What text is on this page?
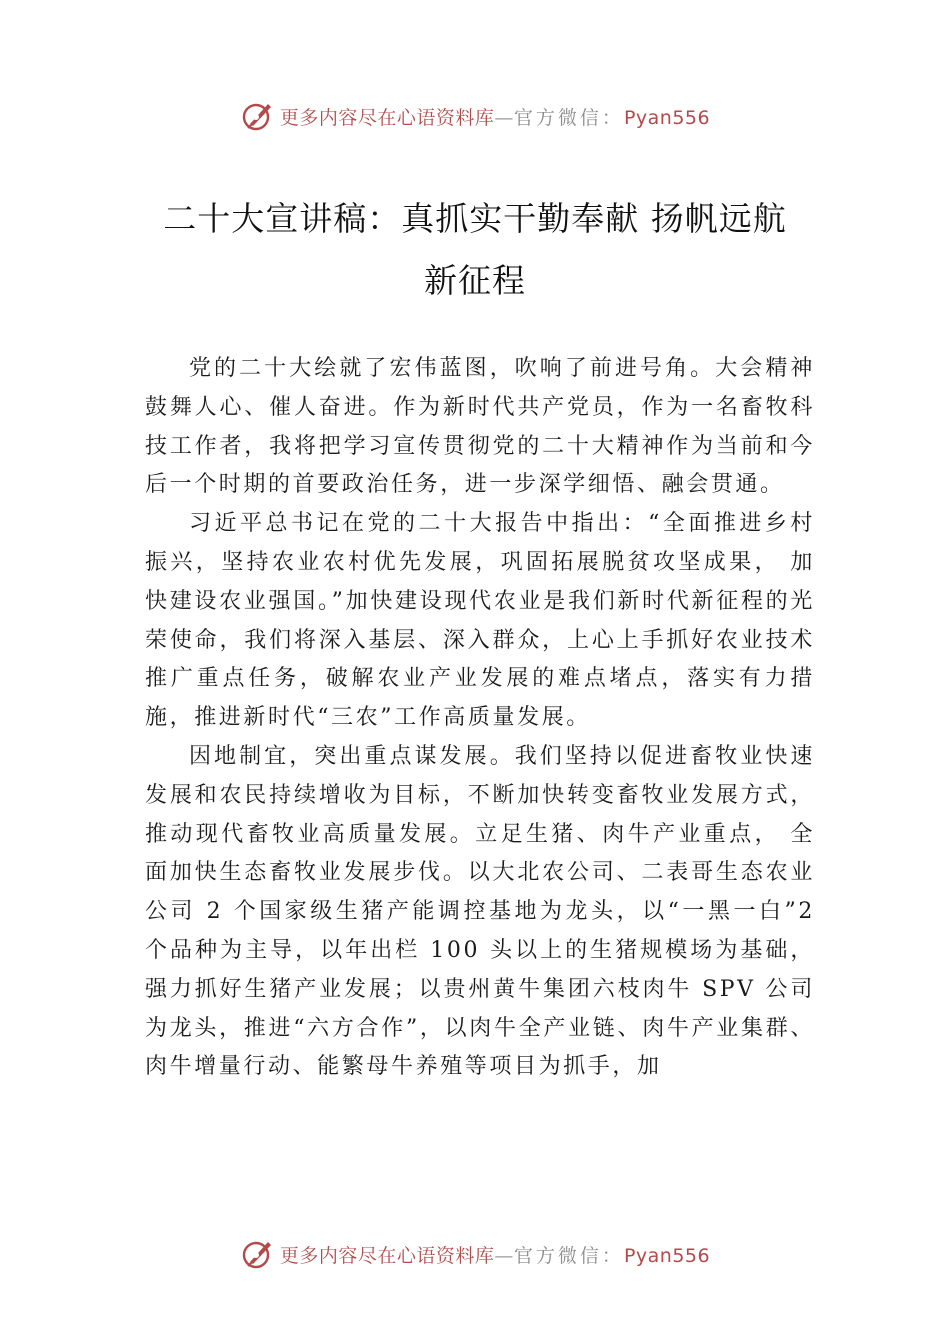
更多内容尽在心语资料库—官方微信：Pyan556
二十大宣讲稿：真抓实干勤奉献 扬帆远航
新征程

党的二十大绘就了宏伟蓝图，吹响了前进号角。大会精神鼓舞人心、催人奋进。作为新时代共产党员，作为一名畜牧科技工作者，我将把学习宣传贯彻党的二十大精神作为当前和今后一个时期的首要政治任务，进一步深学细悟、融会贯通。

习近平总书记在党的二十大报告中指出：“全面推进乡村振兴，坚持农业农村优先发展，巩固拓展脱贫攻坚成果， 加快建设农业强国。”加快建设现代农业是我们新时代新征程的光荣使命，我们将深入基层、深入群众，上心上手抓好农业技术推广重点任务，破解农业产业发展的难点堵点，落实有力措施，推进新时代“三农”工作高质量发展。

因地制宜，突出重点谋发展。我们坚持以促进畜牧业快速发展和农民持续增收为目标，不断加快转变畜牧业发展方式，推动现代畜牧业高质量发展。立足生猪、肉牛产业重点， 全面加快生态畜牧业发展步伐。以大北农公司、二表哥生态农业公司 2 个国家级生猪产能调控基地为龙头，以“一黑一白”2 个品种为主导，以年出栏 100 头以上的生猪规模场为基础，强力抓好生猪产业发展；以贵州黄牛集团六枝肉牛 SPV 公司为龙头，推进“六方合作”，以肉牛全产业链、肉牛产业集群、肉牛增量行动、能繁母牛养殖等项目为抓手，加

更多内容尽在心语资料库—官方微信：Pyan556
